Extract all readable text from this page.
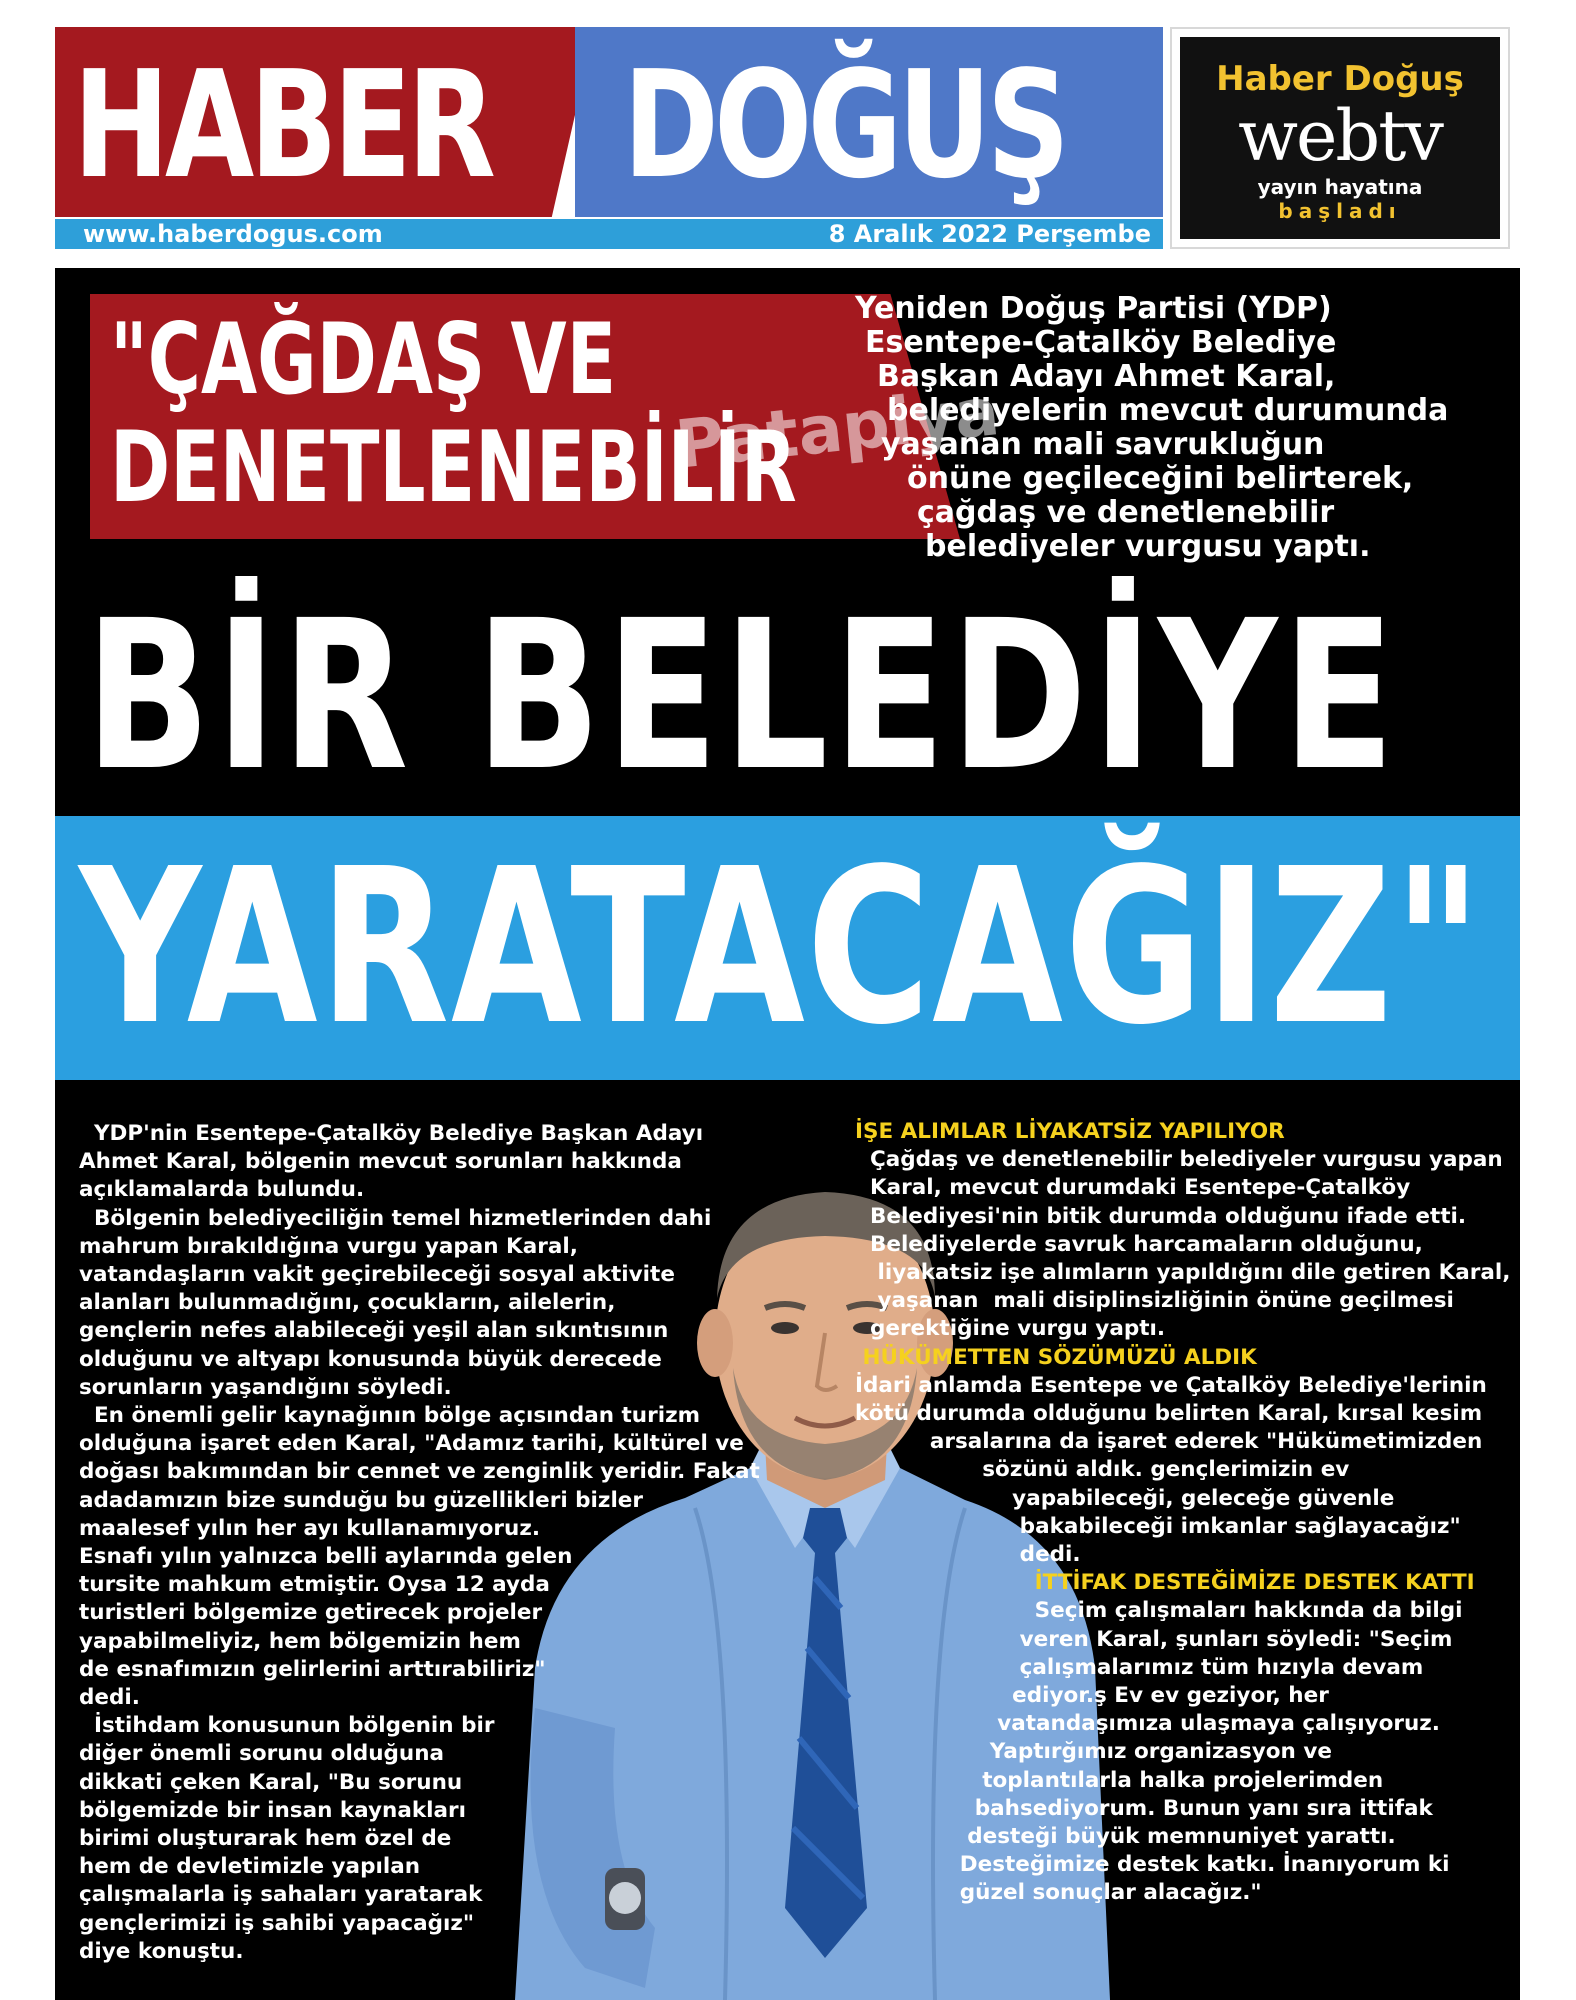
HABER DOĞUŞ
www.haberdogus.com	8 Aralık 2022 Perşembe
Haber Doğuş
webtv
yayın hayatına
başladı
"ÇAĞDAŞ VE
DENETLENEBİLİR
Patapiya

Yeniden Doğuş Partisi (YDP)

Esentepe-Çatalköy Belediye

Başkan Adayı Ahmet Karal,

belediyelerin mevcut durumunda

yaşanan mali savrukluğun

önüne geçileceğini belirterek,

çağdaş ve denetlenebilir

belediyeler vurgusu yaptı.

BİR BELEDİYE
YARATACAĞIZ"

YDP'nin Esentepe-Çatalköy Belediye Başkan Adayı

Ahmet Karal, bölgenin mevcut sorunları hakkında

açıklamalarda bulundu.

Bölgenin belediyeciliğin temel hizmetlerinden dahi

mahrum bırakıldığına vurgu yapan Karal,

vatandaşların vakit geçirebileceği sosyal aktivite

alanları bulunmadığını, çocukların, ailelerin,

gençlerin nefes alabileceği yeşil alan sıkıntısının

olduğunu ve altyapı konusunda büyük derecede

sorunların yaşandığını söyledi.

En önemli gelir kaynağının bölge açısından turizm

olduğuna işaret eden Karal, "Adamız tarihi, kültürel ve

doğası bakımından bir cennet ve zenginlik yeridir. Fakat

adadamızın bize sunduğu bu güzellikleri bizler

maalesef yılın her ayı kullanamıyoruz.

Esnafı yılın yalnızca belli aylarında gelen

tursite mahkum etmiştir. Oysa 12 ayda

turistleri bölgemize getirecek projeler

yapabilmeliyiz, hem bölgemizin hem

de esnafımızın gelirlerini arttırabiliriz"

dedi.

İstihdam konusunun bölgenin bir

diğer önemli sorunu olduğuna

dikkati çeken Karal, "Bu sorunu

bölgemizde bir insan kaynakları

birimi oluşturarak hem özel de

hem de devletimizle yapılan

çalışmalarla iş sahaları yaratarak

gençlerimizi iş sahibi yapacağız"

diye konuştu.

İŞE ALIMLAR LİYAKATSİZ YAPILIYOR

Çağdaş ve denetlenebilir belediyeler vurgusu yapan

Karal, mevcut durumdaki Esentepe-Çatalköy

Belediyesi'nin bitik durumda olduğunu ifade etti.

Belediyelerde savruk harcamaların olduğunu,

liyakatsiz işe alımların yapıldığını dile getiren Karal,

yaşanan  mali disiplinsizliğinin önüne geçilmesi

gerektiğine vurgu yaptı.

HÜKÜMETTEN SÖZÜMÜZÜ ALDIK

İdari anlamda Esentepe ve Çatalköy Belediye'lerinin

kötü durumda olduğunu belirten Karal, kırsal kesim

arsalarına da işaret ederek "Hükümetimizden

sözünü aldık. gençlerimizin ev

yapabileceği, geleceğe güvenle

bakabileceği imkanlar sağlayacağız"

dedi.

İTTİFAK DESTEĞİMİZE DESTEK KATTI

Seçim çalışmaları hakkında da bilgi

veren Karal, şunları söyledi: "Seçim

çalışmalarımız tüm hızıyla devam

ediyor.ş Ev ev geziyor, her

vatandaşımıza ulaşmaya çalışıyoruz.

Yaptırğımız organizasyon ve

toplantılarla halka projelerimden

bahsediyorum. Bunun yanı sıra ittifak

desteği büyük memnuniyet yarattı.

Desteğimize destek katkı. İnanıyorum ki

güzel sonuçlar alacağız."
